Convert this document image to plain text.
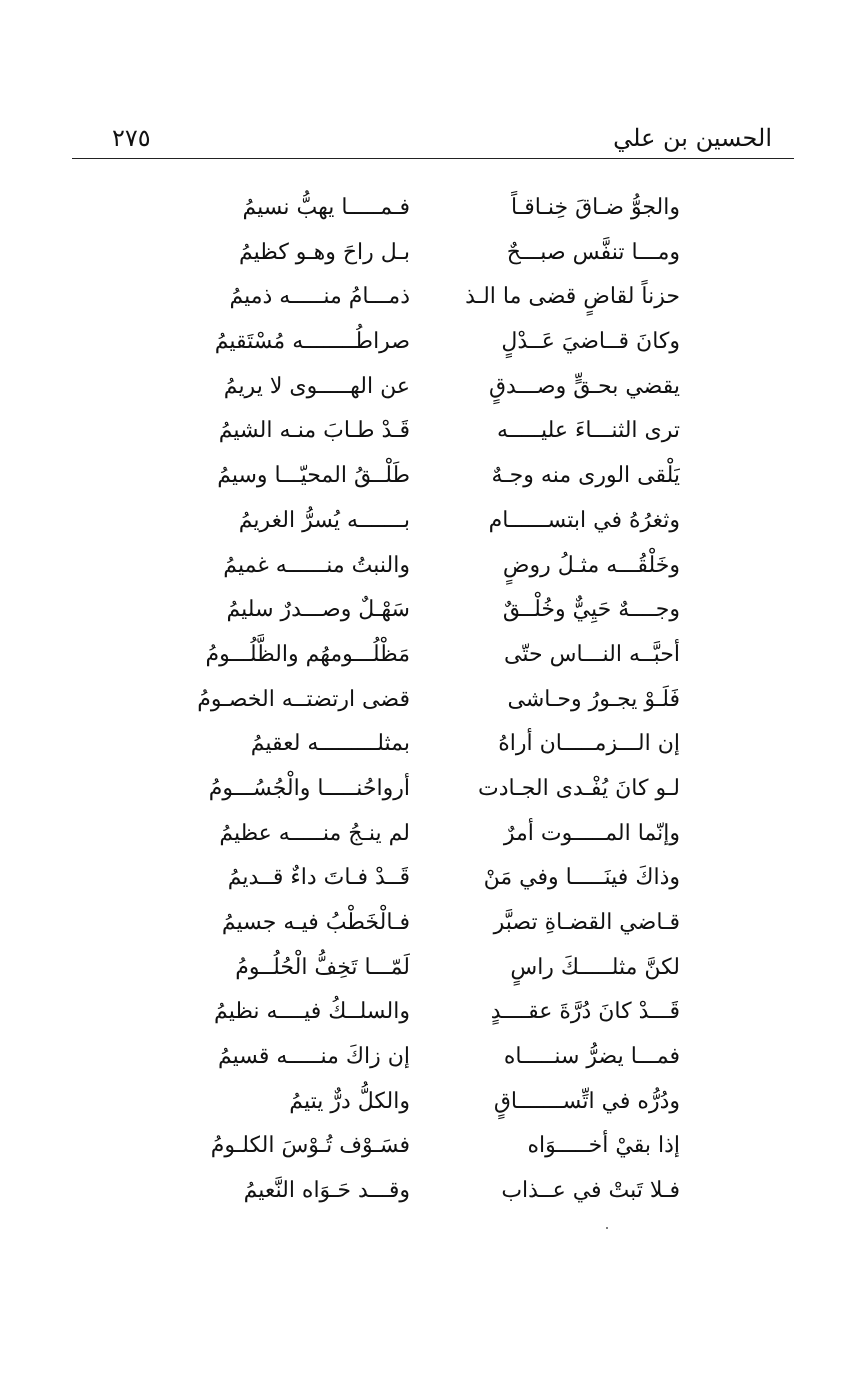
الحسين بن علي
٢٧٥
والجوُّ ضـاقَ خِنـاقـاً
فـمـــــا يهبُّ نسيمُ
ومـــا تنفَّس صبـــحٌ
بـل راحَ وهـو كظيمُ
حزناً لقاضٍ قضى ما الـذ
ذمـــامُ منـــــه ذميمُ
وكانَ قــاضيَ عَــدْلٍ
صراطُــــــــه مُسْتَقيمُ
يقضي بحـقٍّ وصـــدقٍ
عن الهـــــوى لا يريمُ
ترى الثنـــاءَ عليـــــه
قَـدْ طـابَ منـه الشيمُ
يَلْقى الورى منه وجـهٌ
طَلْــقُ المحيّـــا وسيمُ
وثغرُهُ في ابتســــــام
بـــــــه يُسرُّ الغريمُ
وخَلْقُـــه مثـلُ روضٍ
والنبتُ منــــــه غميمُ
وجــــهٌ حَيِيٌّ وخُلْــقٌ
سَهْـلٌ وصـــدرٌ سليمُ
أحبَّــه النـــاس حتّى
مَظْلُـــومهُم والظَّلُـــومُ
فَلَـوْ يجـورُ وحـاشى
قضى ارتضتــه الخصـومُ
إن الـــزمـــــان أراهُ
بمثلـــــــــه لعقيمُ
لـو كانَ يُفْـدى الجـادت
أرواحُنـــــا والْجُسُـــومُ
وإنّما المـــــوت أمرٌ
لم ينـجُ منـــــه عظيمُ
وذاكَ فينَـــــا وفي مَنْ
قَــدْ فـاتَ داءٌ قــديمُ
قـاضي القضـاةِ تصبَّر
فـالْخَطْبُ فيـه جسيمُ
لكنَّ مثلـــــكَ راسٍ
لَمّـــا تَخِفُّ الْحُلُــومُ
قَـــدْ كانَ دُرَّةَ عقــــدٍ
والسلــكُ فيــــه نظيمُ
فمـــا يضرُّ سنـــــاه
إن زاكَ منـــــه قسيمُ
ودُرُّه في اتِّســـــــاقٍ
والكلُّ درٌّ يتيمُ
إذا بقيْ أخـــــوَاه
فسَـوْف تُـوْسَ الكلـومُ
فـلا تَبتْ في عــذاب
وقـــد حَـوَاه النَّعيمُ
